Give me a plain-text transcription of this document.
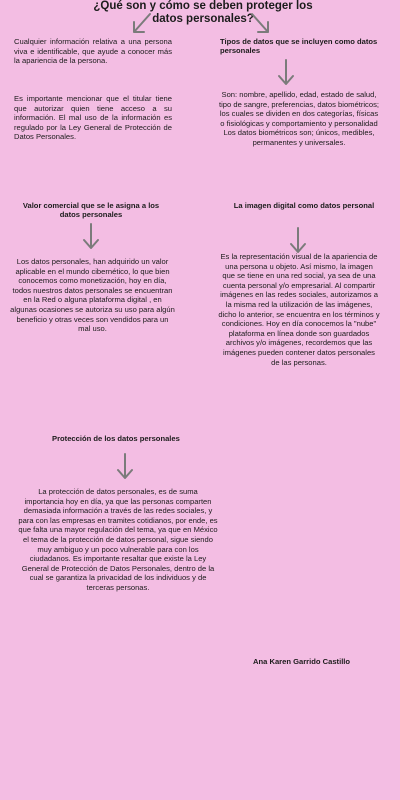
¿Qué son y cómo se deben proteger los datos personales?
Cualquier información relativa a una persona viva e identificable, que ayude a conocer más la apariencia de la persona.
Es importante mencionar que el titular tiene que autorizar quien tiene acceso a su información. El mal uso de la información es regulado por la Ley General de Protección de Datos Personales.
Tipos de datos que se incluyen como datos personales
Son: nombre, apellido, edad, estado de salud, tipo de sangre, preferencias, datos biométricos; los cuales se dividen en dos categorías, físicas o fisiológicas y comportamiento y personalidad Los datos biométricos son; únicos, medibles, permanentes y universales.
Valor comercial que se le asigna a los datos personales
Los datos personales, han adquirido un valor aplicable en el mundo cibernético, lo que bien conocemos como monetización, hoy en día, todos nuestros datos personales se encuentran en la Red o alguna plataforma digital , en algunas ocasiones se autoriza su uso para algún beneficio y otras veces son vendidos para un mal uso.
La imagen digital como datos personal
Es la representación visual de la apariencia de una persona u objeto. Así mismo, la imagen que se tiene en una red social, ya sea de una cuenta personal y/o empresarial. Al compartir imágenes en las redes sociales, autorizamos a la misma red la utilización de las imágenes, dicho lo anterior, se encuentra en los términos y condiciones. Hoy en día conocemos la "nube" plataforma en línea donde son guardados archivos y/o imágenes, recordemos que las imágenes pueden contener datos personales de las personas.
Protección de los datos personales
La protección de datos personales, es de suma importancia hoy en día, ya que las personas comparten demasiada información a través de las redes sociales, y para con las empresas en tramites cotidianos, por ende, es que falta una mayor regulación del tema, ya que en México el tema de la protección de datos personal, sigue siendo muy ambiguo y un poco vulnerable para con los ciudadanos. Es importante resaltar que existe la Ley General de Protección de Datos Personales, dentro de la cual se garantiza la privacidad de los individuos y de terceras personas.
Ana Karen Garrido Castillo
